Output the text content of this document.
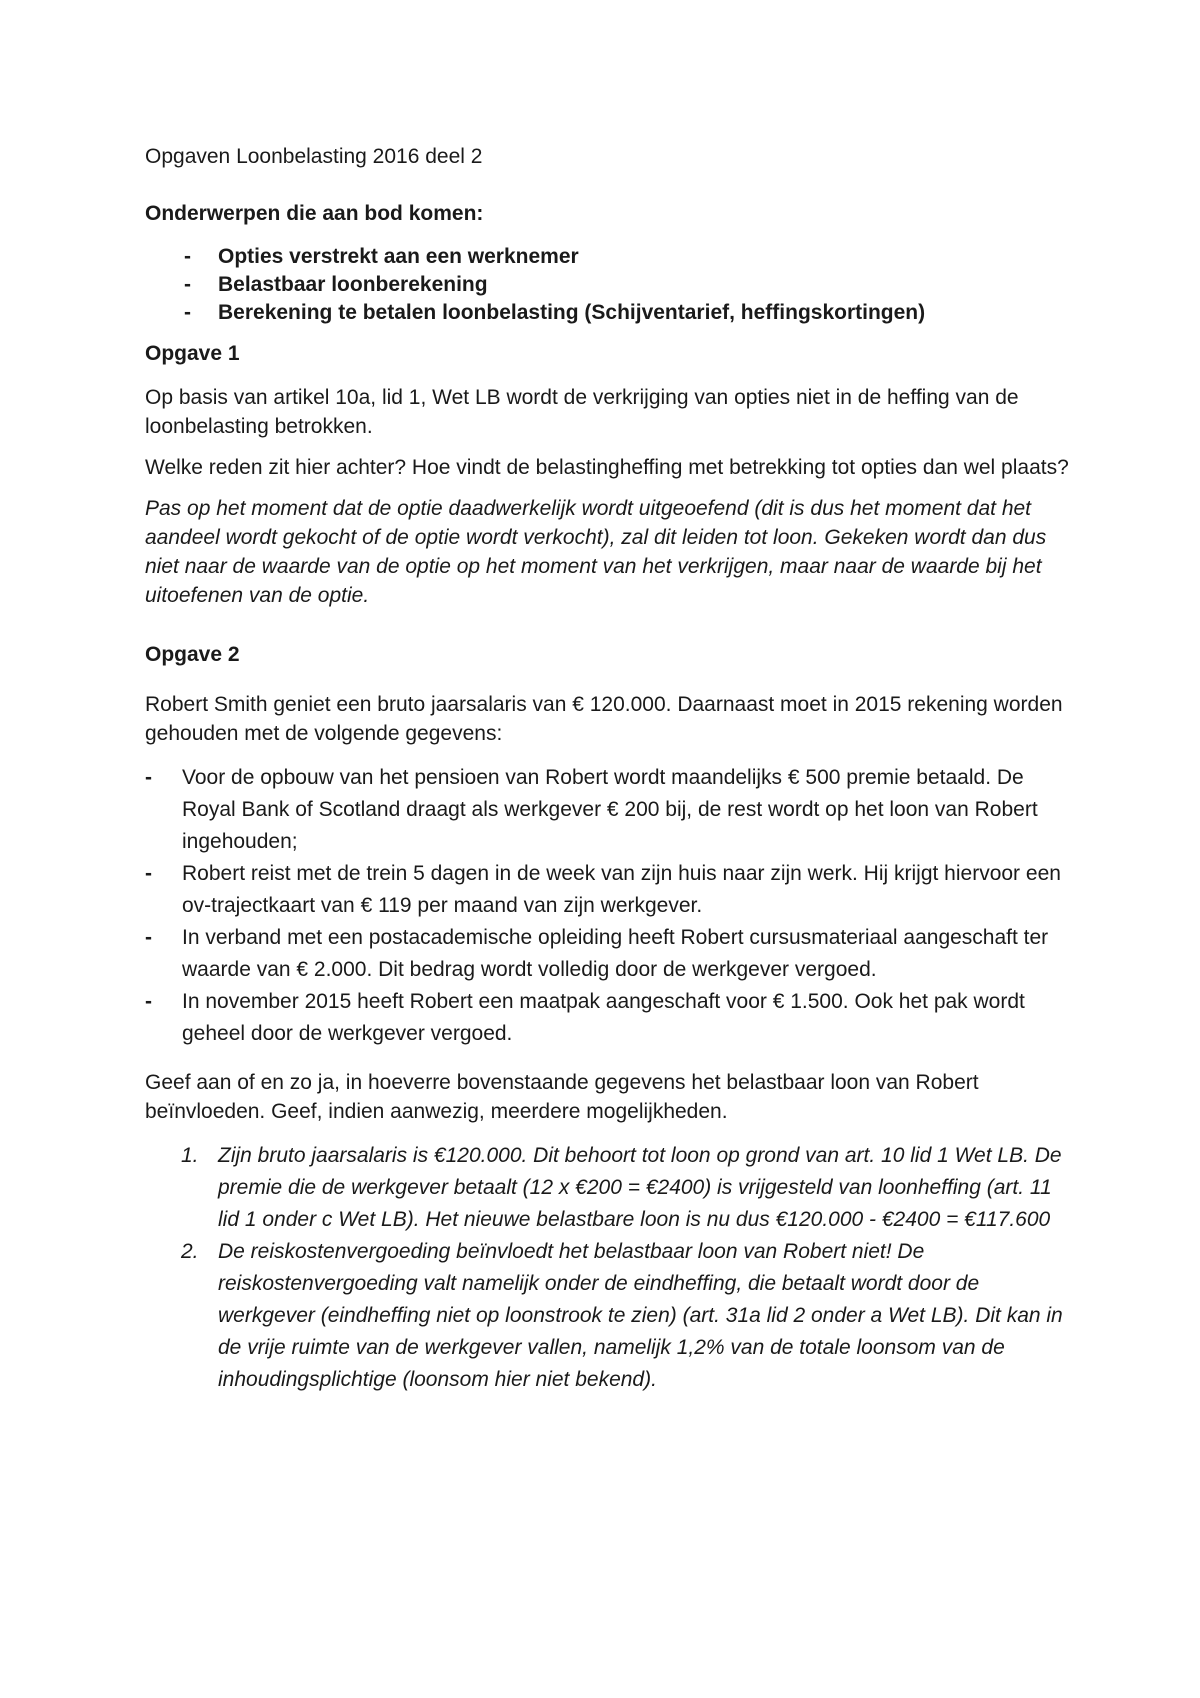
Opgaven Loonbelasting 2016 deel 2
Onderwerpen die aan bod komen:
- Opties verstrekt aan een werknemer
- Belastbaar loonberekening
- Berekening te betalen loonbelasting (Schijventarief, heffingskortingen)
Opgave 1

Op basis van artikel 10a, lid 1, Wet LB wordt de verkrijging van opties niet in de heffing van de loonbelasting betrokken.

Welke reden zit hier achter? Hoe vindt de belastingheffing met betrekking tot opties dan wel plaats?

Pas op het moment dat de optie daadwerkelijk wordt uitgeoefend (dit is dus het moment dat het aandeel wordt gekocht of de optie wordt verkocht), zal dit leiden tot loon. Gekeken wordt dan dus niet naar de waarde van de optie op het moment van het verkrijgen, maar naar de waarde bij het uitoefenen van de optie.

Opgave 2

Robert Smith geniet een bruto jaarsalaris van € 120.000. Daarnaast moet in 2015 rekening worden gehouden met de volgende gegevens:

- Voor de opbouw van het pensioen van Robert wordt maandelijks € 500 premie betaald. De Royal Bank of Scotland draagt als werkgever € 200 bij, de rest wordt op het loon van Robert ingehouden;
- Robert reist met de trein 5 dagen in de week van zijn huis naar zijn werk. Hij krijgt hiervoor een ov-trajectkaart van € 119 per maand van zijn werkgever.
- In verband met een postacademische opleiding heeft Robert cursusmateriaal aangeschaft ter waarde van € 2.000. Dit bedrag wordt volledig door de werkgever vergoed.
- In november 2015 heeft Robert een maatpak aangeschaft voor € 1.500. Ook het pak wordt geheel door de werkgever vergoed.

Geef aan of en zo ja, in hoeverre bovenstaande gegevens het belastbaar loon van Robert beïnvloeden. Geef, indien aanwezig, meerdere mogelijkheden.

1. Zijn bruto jaarsalaris is €120.000. Dit behoort tot loon op grond van art. 10 lid 1 Wet LB. De premie die de werkgever betaalt (12 x €200 = €2400) is vrijgesteld van loonheffing (art. 11 lid 1 onder c Wet LB). Het nieuwe belastbare loon is nu dus €120.000 - €2400 = €117.600
2. De reiskostenvergoeding beïnvloedt het belastbaar loon van Robert niet! De reiskostenvergoeding valt namelijk onder de eindheffing, die betaalt wordt door de werkgever (eindheffing niet op loonstrook te zien) (art. 31a lid 2 onder a Wet LB). Dit kan in de vrije ruimte van de werkgever vallen, namelijk 1,2% van de totale loonsom van de inhoudingsplichtige (loonsom hier niet bekend).
